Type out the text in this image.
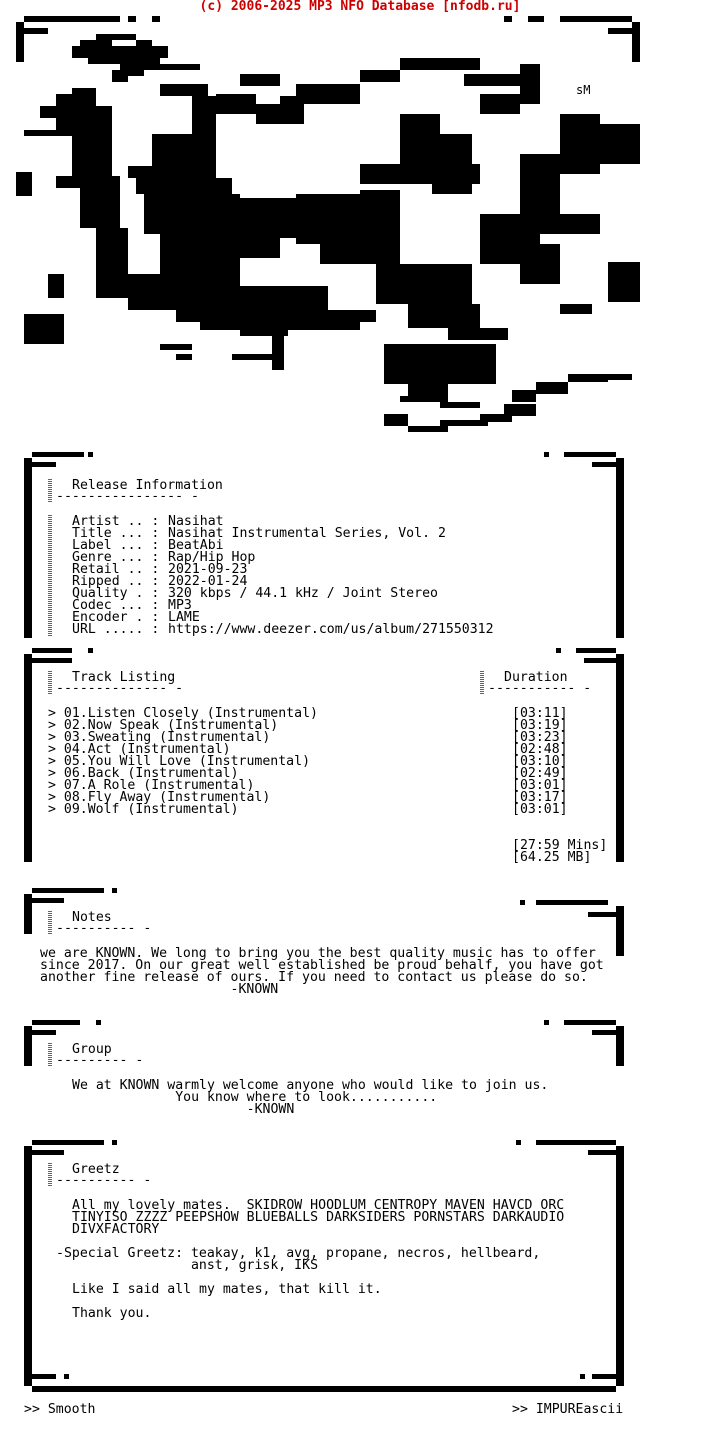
(c) 2006-2025 MP3 NFO Database [nfodb.ru]
sM
Release Information
---------------- -
Artist .. : Nasihat
Title ... : Nasihat Instrumental Series, Vol. 2
Label ... : BeatAbi
Genre ... : Rap/Hip Hop
Retail .. : 2021-09-23
Ripped .. : 2022-01-24
Quality . : 320 kbps / 44.1 kHz / Joint Stereo
Codec ... : MP3
Encoder . : LAME
URL ..... : https://www.deezer.com/us/album/271550312
Track Listing
-------------- -
Duration
----------- -
> 01.Listen Closely (Instrumental)	[03:11]
> 02.Now Speak (Instrumental)	[03:19]
> 03.Sweating (Instrumental)	[03:23]
> 04.Act (Instrumental)	[02:48]
> 05.You Will Love (Instrumental)	[03:10]
> 06.Back (Instrumental)	[02:49]
> 07.A Role (Instrumental)	[03:01]
> 08.Fly Away (Instrumental)	[03:17]
> 09.Wolf (Instrumental)	[03:01]
[27:59 Mins]
[64.25 MB]
Notes
---------- -
we are KNOWN. We long to bring you the best quality music has to offer
since 2017. On our great well established be proud behalf, you have got
another fine release of ours. If you need to contact us please do so.
-KNOWN
Group
--------- -
We at KNOWN warmly welcome anyone who would like to join us.
You know where to look...........
-KNOWN
Greetz
---------- -
All my lovely mates.  SKIDROW HOODLUM CENTROPY MAVEN HAVCD ORC
TINYISO ZZZZ PEEPSHOW BLUEBALLS DARKSIDERS PORNSTARS DARKAUDIO
DIVXFACTORY
-Special Greetz: teakay, k1, avg, propane, necros, hellbeard,
anst, grisk, IKS
Like I said all my mates, that kill it.
Thank you.
>> Smooth	>> IMPUREascii
